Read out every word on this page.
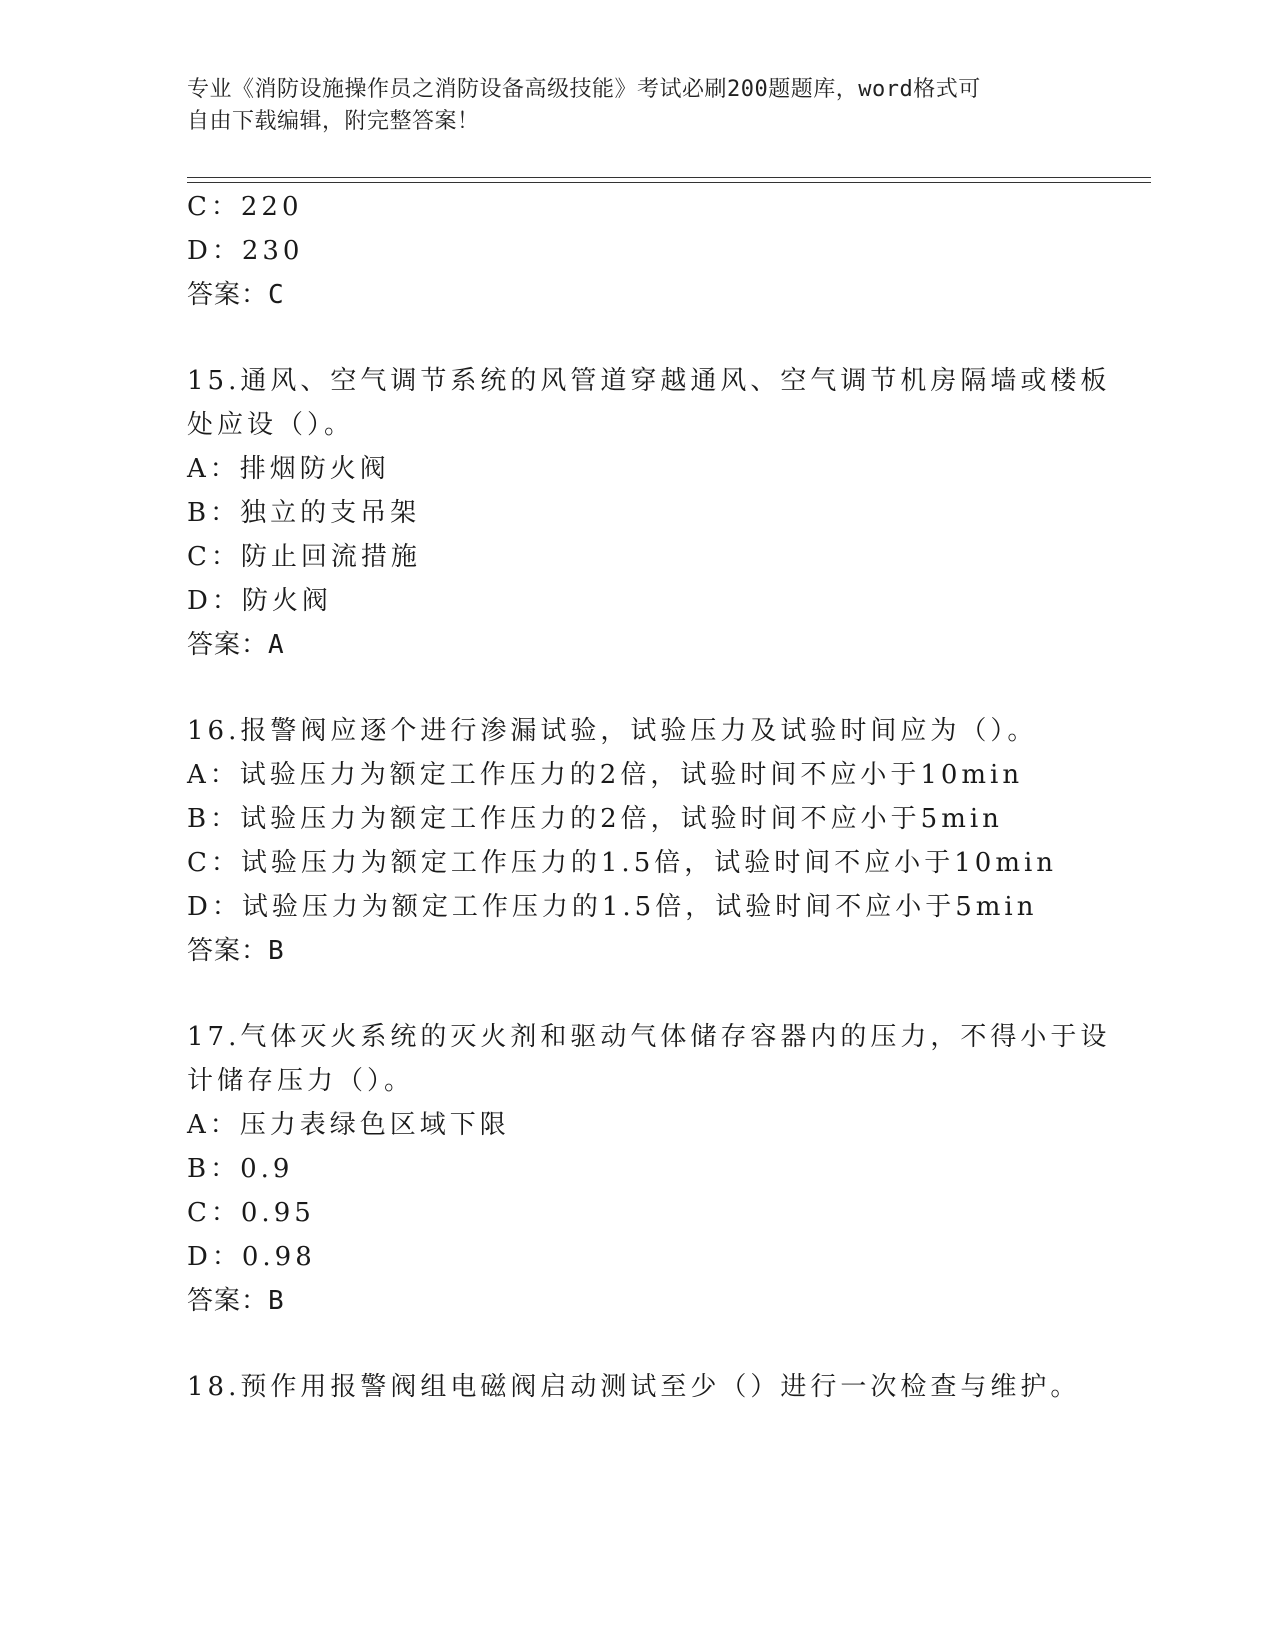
专业《消防设施操作员之消防设备高级技能》考试必刷200题题库，word格式可
自由下载编辑，附完整答案！
C：220
D：230
答案：C
15.通风、空气调节系统的风管道穿越通风、空气调节机房隔墙或楼板
处应设（）。
A：排烟防火阀
B：独立的支吊架
C：防止回流措施
D：防火阀
答案：A
16.报警阀应逐个进行渗漏试验，试验压力及试验时间应为（）。
A：试验压力为额定工作压力的2倍，试验时间不应小于10min
B：试验压力为额定工作压力的2倍，试验时间不应小于5min
C：试验压力为额定工作压力的1.5倍，试验时间不应小于10min
D：试验压力为额定工作压力的1.5倍，试验时间不应小于5min
答案：B
17.气体灭火系统的灭火剂和驱动气体储存容器内的压力，不得小于设
计储存压力（）。
A：压力表绿色区域下限
B：0.9
C：0.95
D：0.98
答案：B
18.预作用报警阀组电磁阀启动测试至少（）进行一次检查与维护。
